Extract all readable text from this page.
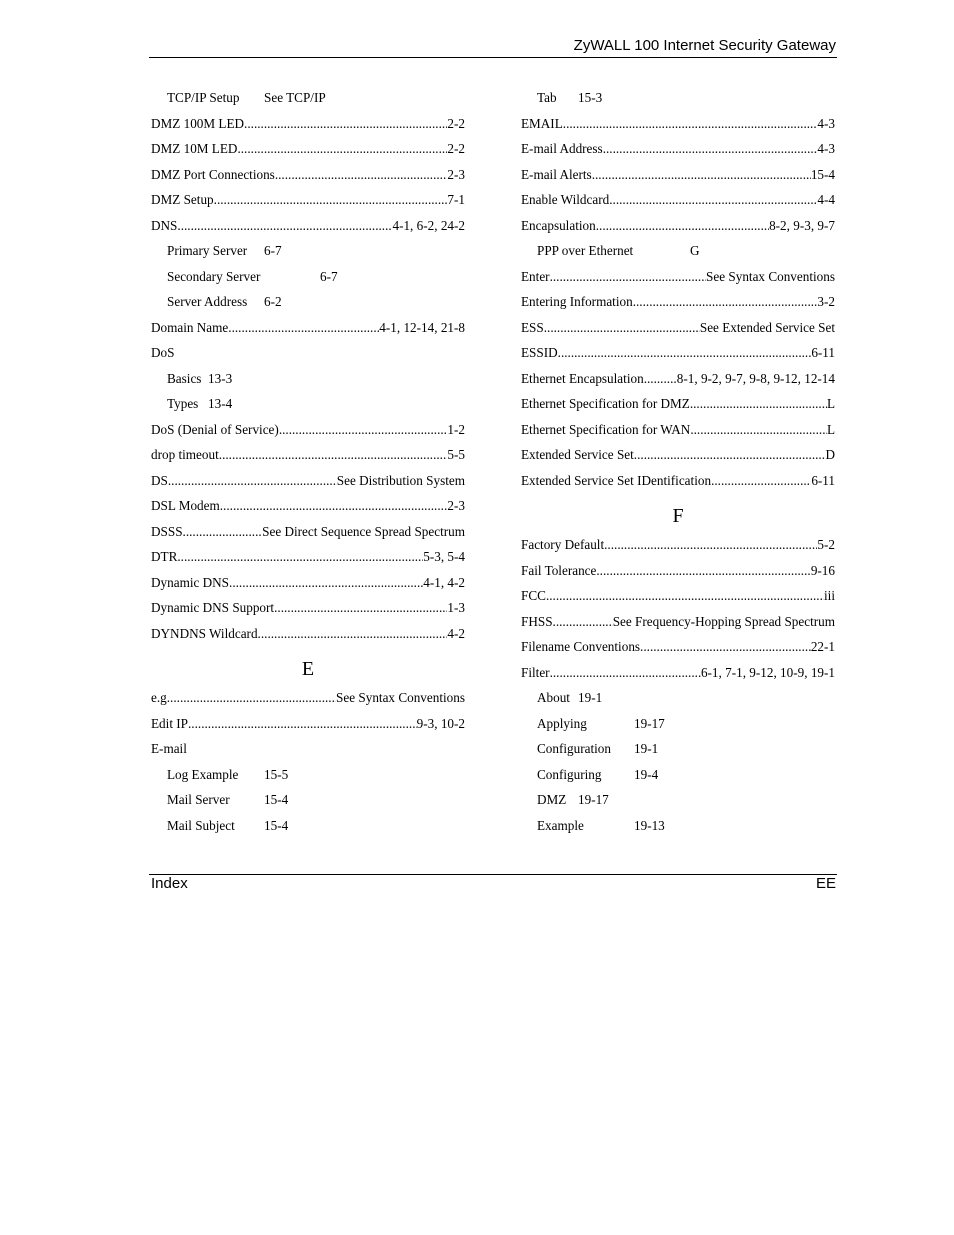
ZyWALL 100 Internet Security Gateway
TCP/IP Setup See TCP/IP
DMZ 100M LED .....	2-2
DMZ 10M LED .....	2-2
DMZ Port Connections .....	2-3
DMZ Setup .....	7-1
DNS .....	4-1, 6-2, 24-2
Primary Server 6-7
Secondary Server	6-7
Server Address 6-2
Domain Name .....	4-1, 12-14, 21-8
DoS
Basics 13-3
Types 13-4
DoS (Denial of Service) .....	1-2
drop timeout .....	5-5
DS .....	See Distribution System
DSL Modem .....	2-3
DSSS .....	See Direct Sequence Spread Spectrum
DTR .....	5-3, 5-4
Dynamic DNS .....	4-1, 4-2
Dynamic DNS Support .....	1-3
DYNDNS Wildcard .....	4-2
E
e.g. .....	See Syntax Conventions
Edit IP .....	9-3, 10-2
E-mail
Log Example 15-5
Mail Server	15-4
Mail Subject 15-4
Tab 15-3
EMAIL .....	4-3
E-mail Address .....	4-3
E-mail Alerts .....	15-4
Enable Wildcard .....	4-4
Encapsulation .....	8-2, 9-3, 9-7
PPP over Ethernet	G
Enter .....	See Syntax Conventions
Entering Information .....	3-2
ESS .....	See Extended Service Set
ESSID .....	6-11
Ethernet Encapsulation .....	8-1, 9-2, 9-7, 9-8, 9-12, 12-14
Ethernet Specification for DMZ .....	L
Ethernet Specification for WAN .....	L
Extended Service Set .....	D
Extended Service Set IDentification .....	6-11
F
Factory Default .....	5-2
Fail Tolerance .....	9-16
FCC .....	iii
FHSS .....	See Frequency-Hopping Spread Spectrum
Filename Conventions .....	22-1
Filter .....	6-1, 7-1, 9-12, 10-9, 19-1
About 19-1
Applying	19-17
Configuration 19-1
Configuring 19-4
DMZ 19-17
Example	19-13
Index	EE
